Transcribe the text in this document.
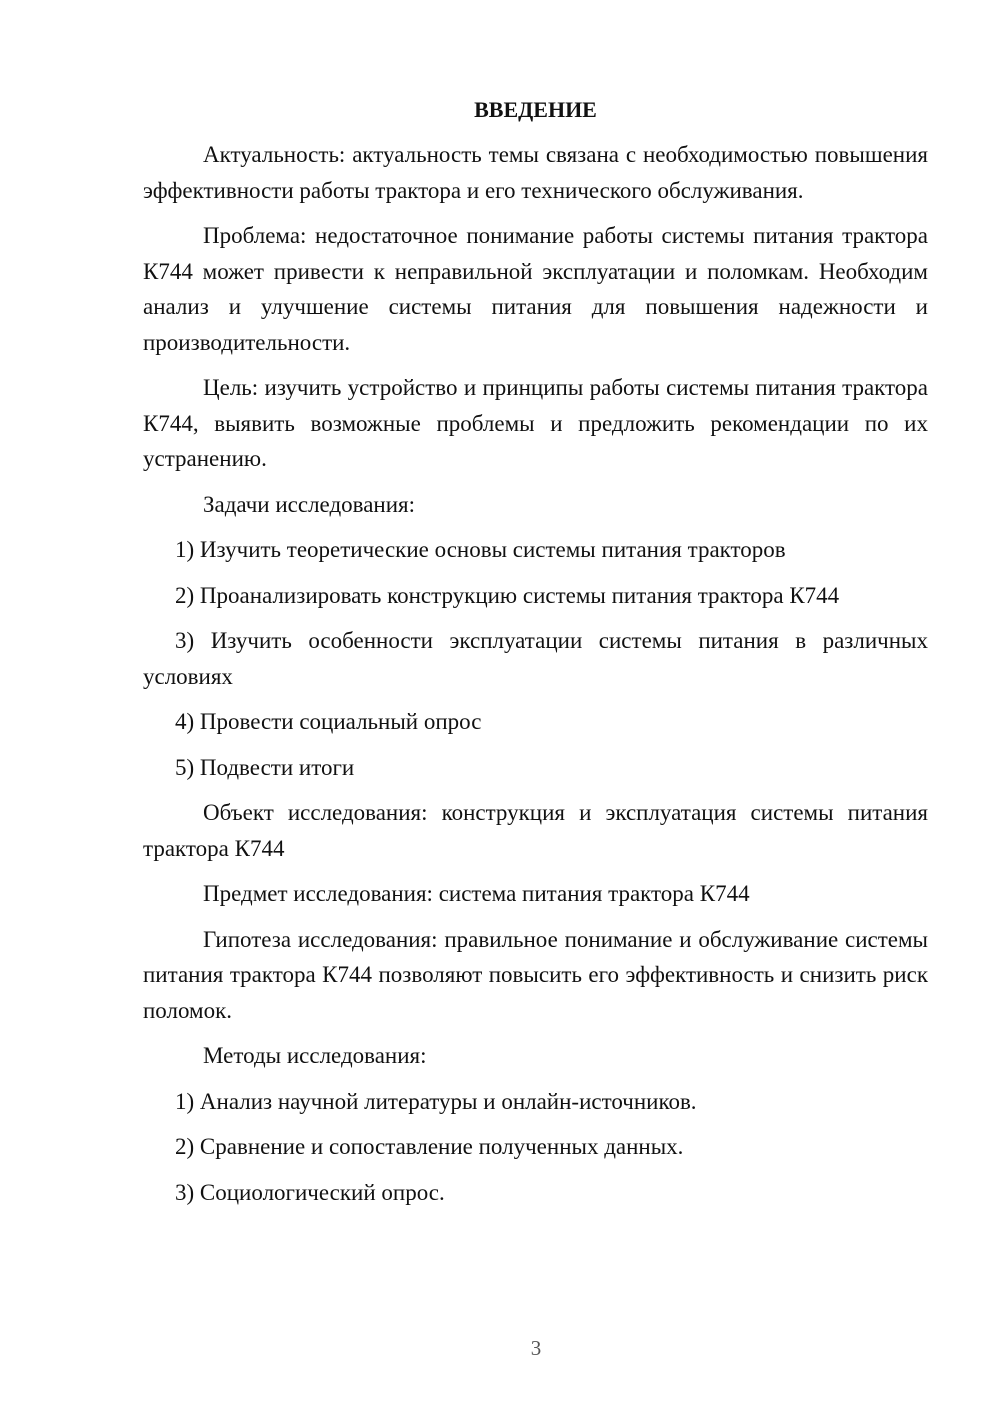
ВВЕДЕНИЕ

Актуальность: актуальность темы связана с необходимостью повышения эффективности работы трактора и его технического обслуживания.

Проблема: недостаточное понимание работы системы питания трактора К744 может привести к неправильной эксплуатации и поломкам. Необходим анализ и улучшение системы питания для повышения надежности и производительности.

Цель: изучить устройство и принципы работы системы питания трактора К744, выявить возможные проблемы и предложить рекомендации по их устранению.

Задачи исследования:

1) Изучить теоретические основы системы питания тракторов

2) Проанализировать конструкцию системы питания трактора К744

3) Изучить особенности эксплуатации системы питания в различных условиях

4) Провести социальный опрос

5) Подвести итоги

Объект исследования: конструкция и эксплуатация системы питания трактора К744

Предмет исследования: система питания трактора К744

Гипотеза исследования: правильное понимание и обслуживание системы питания трактора К744 позволяют повысить его эффективность и снизить риск поломок.

Методы исследования:

1) Анализ научной литературы и онлайн-источников.

2) Сравнение и сопоставление полученных данных.

3) Социологический опрос.

3
